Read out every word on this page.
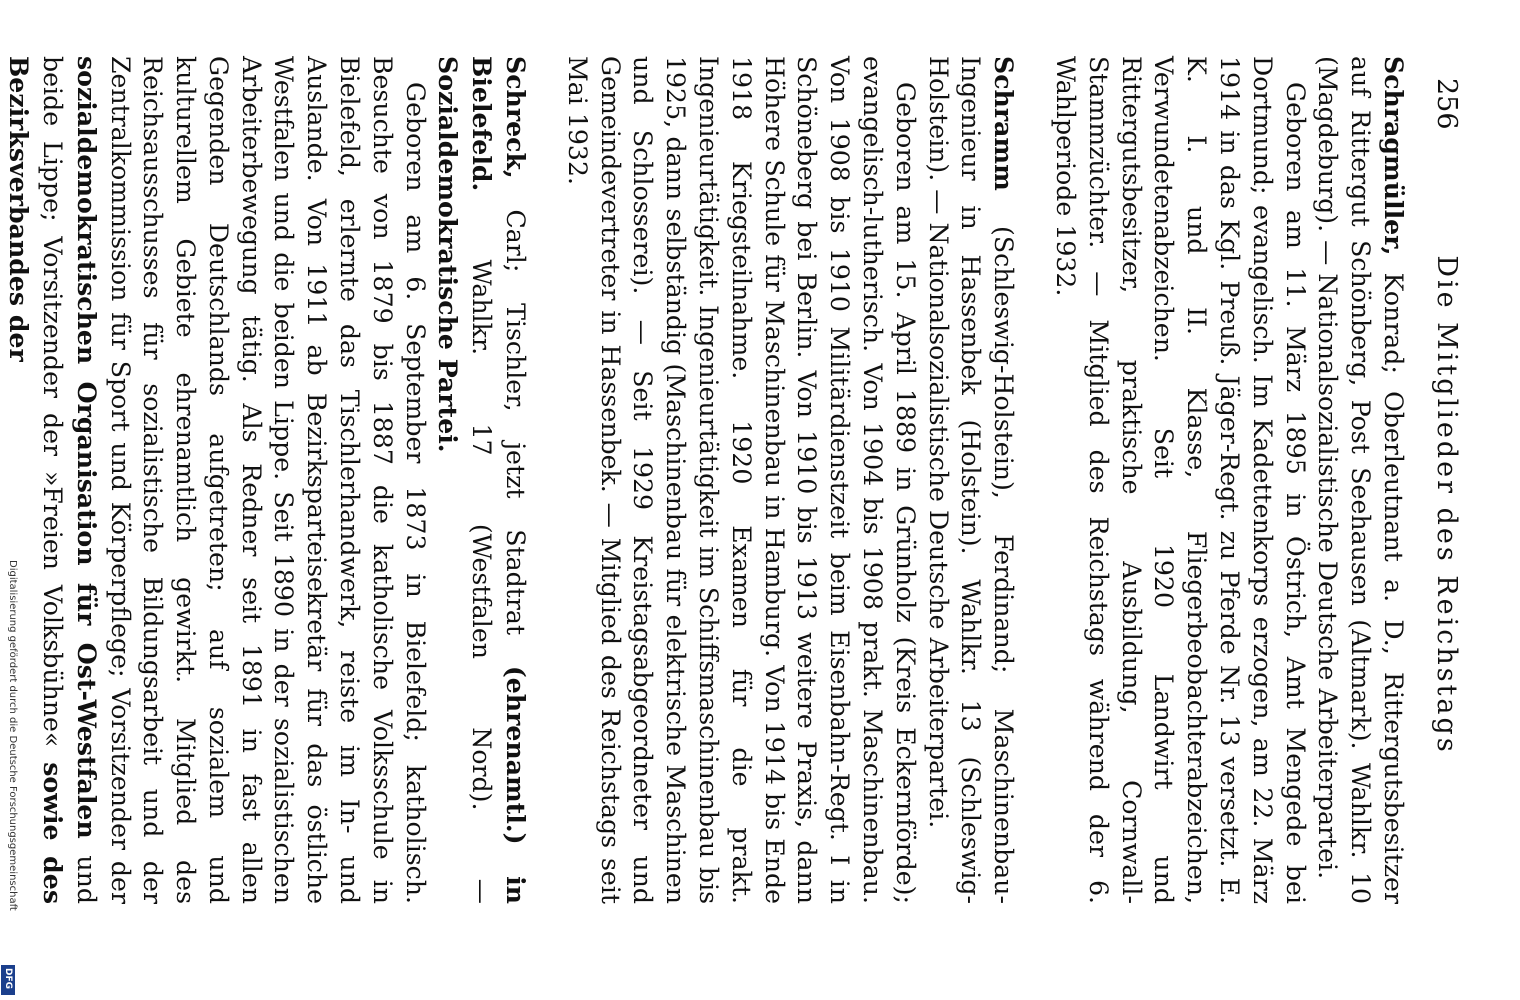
256
Die Mitglieder des Reichstags

Schragmüller, Konrad; Oberleutnant a. D., Rittergutsbesitzer auf Rittergut Schönberg, Post Seehausen (Altmark). Wahlkr. 10 (Magdeburg). — Nationalsozialistische Deutsche Arbeiterpartei.

Geboren am 11. März 1895 in Östrich, Amt Mengede bei Dortmund; evangelisch. Im Kadettenkorps erzogen, am 22. März 1914 in das Kgl. Preuß. Jäger-Regt. zu Pferde Nr. 13 versetzt. E. K. I. und II. Klasse, Fliegerbeobachterabzeichen, Verwundetenabzeichen. Seit 1920 Landwirt und Rittergutsbesitzer, praktische Ausbildung, Cornwall-Stammzüchter. — Mitglied des Reichstags während der 6. Wahlperiode 1932.

Schramm (Schleswig-Holstein), Ferdinand; Maschinenbau-Ingenieur in Hassenbek (Holstein). Wahlkr. 13 (Schleswig-Holstein). — Nationalsozialistische Deutsche Arbeiterpartei.

Geboren am 15. April 1889 in Grünholz (Kreis Eckernförde); evangelisch-lutherisch. Von 1904 bis 1908 prakt. Maschinenbau. Von 1908 bis 1910 Militärdienstzeit beim Eisenbahn-Regt. I in Schöneberg bei Berlin. Von 1910 bis 1913 weitere Praxis, dann Höhere Schule für Maschinenbau in Hamburg. Von 1914 bis Ende 1918 Kriegsteilnahme. 1920 Examen für die prakt. Ingenieurtätigkeit. Ingenieurtätigkeit im Schiffsmaschinenbau bis 1925, dann selbständig (Maschinenbau für elektrische Maschinen und Schlosserei). — Seit 1929 Kreistagsabgeordneter und Gemeindevertreter in Hassenbek. — Mitglied des Reichstags seit Mai 1932.

Schreck, Carl; Tischler, jetzt Stadtrat (ehrenamtl.) in Bielefeld. Wahlkr. 17 (Westfalen Nord). — Sozialdemokratische Partei.

Geboren am 6. September 1873 in Bielefeld; katholisch. Besuchte von 1879 bis 1887 die katholische Volksschule in Bielefeld, erlernte das Tischlerhandwerk, reiste im In- und Auslande. Von 1911 ab Bezirksparteisekretär für das östliche Westfalen und die beiden Lippe. Seit 1890 in der sozialistischen Arbeiterbewegung tätig. Als Redner seit 1891 in fast allen Gegenden Deutschlands aufgetreten; auf sozialem und kulturellem Gebiete ehrenamtlich gewirkt. Mitglied des Reichsausschusses für sozialistische Bildungsarbeit und der Zentralkommission für Sport und Körperpflege; Vorsitzender der sozialdemokratischen Organisation für Ost-Westfalen und beide Lippe; Vorsitzender der »Freien Volksbühne« sowie des Bezirksverbandes der

Digitalisierung gefördert durch die Deutsche Forschungsgemeinschaft
DFG
